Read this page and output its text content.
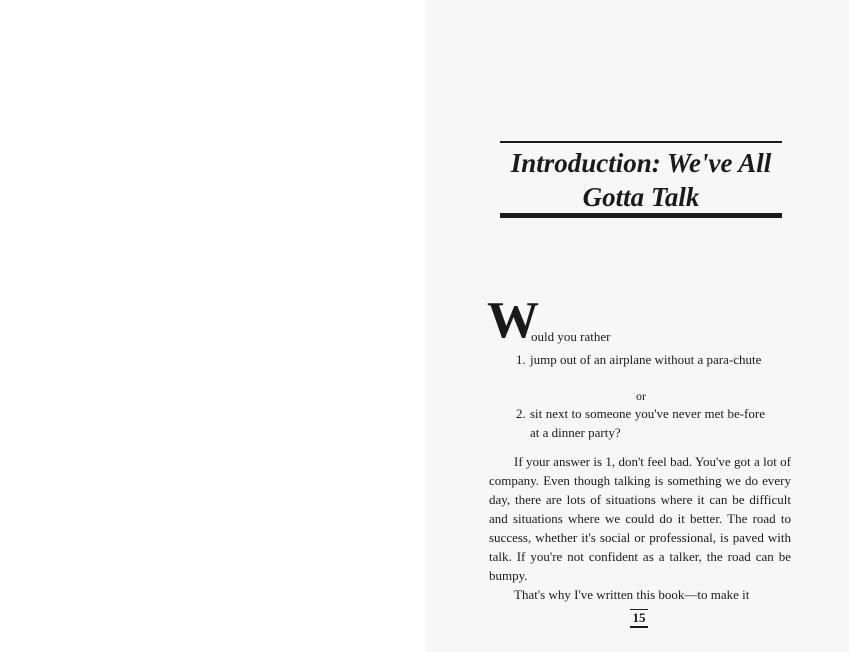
Introduction: We've All Gotta Talk
W
ould you rather
1. jump out of an airplane without a para-chute
or
2. sit next to someone you've never met be-fore at a dinner party?

If your answer is 1, don't feel bad. You've got a lot of company. Even though talking is something we do every day, there are lots of situations where it can be difficult and situations where we could do it better. The road to success, whether it's social or professional, is paved with talk. If you're not confident as a talker, the road can be bumpy.

That's why I've written this book—to make it

15
